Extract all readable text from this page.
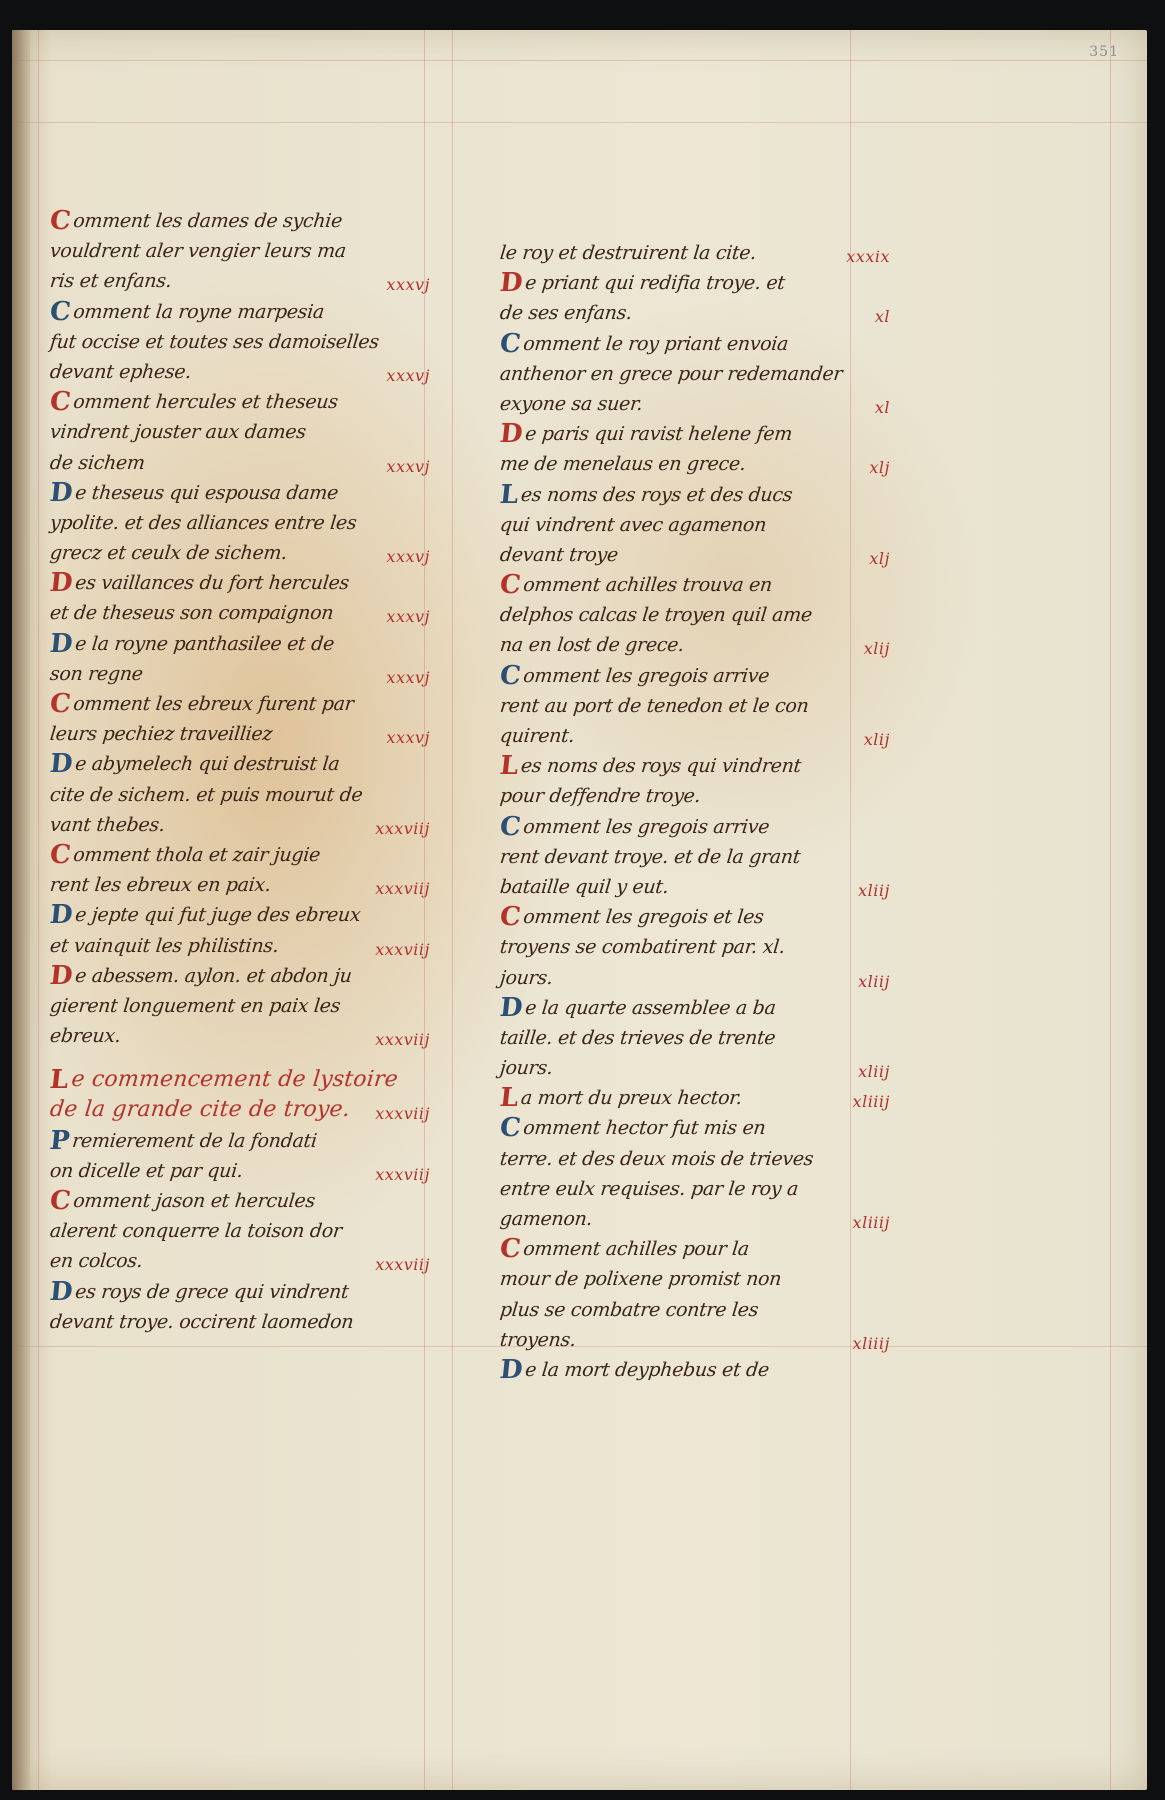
351
Comment les dames de sychie
vouldrent aler vengier leurs ma
ris et enfans.	xxxvj
Comment la royne marpesia
fut occise et toutes ses damoiselles
devant ephese.	xxxvj
Comment hercules et theseus
vindrent jouster aux dames
de sichem	xxxvj
De theseus qui espousa dame
ypolite. et des alliances entre les
grecz et ceulx de sichem.	xxxvj
Des vaillances du fort hercules
et de theseus son compaignon	xxxvj
De la royne panthasilee et de
son regne	xxxvj
Comment les ebreux furent par
leurs pechiez traveilliez	xxxvj
De abymelech qui destruist la
cite de sichem. et puis mourut de
vant thebes.	xxxviij
Comment thola et zair jugie
rent les ebreux en paix.	xxxviij
De jepte qui fut juge des ebreux
et vainquit les philistins.	xxxviij
De abessem. aylon. et abdon ju
gierent longuement en paix les
ebreux.	xxxviij
Le commencement de lystoire
de la grande cite de troye. xxxviij
Premierement de la fondati
on dicelle et par qui.	xxxviij
Comment jason et hercules
alerent conquerre la toison dor
en colcos.	xxxviij
Des roys de grece qui vindrent
devant troye. occirent laomedon
le roy et destruirent la cite.	xxxix
De priant qui redifia troye. et
de ses enfans.	xl
Comment le roy priant envoia
anthenor en grece pour redemander
exyone sa suer.	xl
De paris qui ravist helene fem
me de menelaus en grece.	xlj
Les noms des roys et des ducs
qui vindrent avec agamenon
devant troye	xlj
Comment achilles trouva en
delphos calcas le troyen quil ame
na en lost de grece.	xlij
Comment les gregois arrive
rent au port de tenedon et le con
quirent.	xlij
Les noms des roys qui vindrent
pour deffendre troye.
Comment les gregois arrive
rent devant troye. et de la grant
bataille quil y eut.	xliij
Comment les gregois et les
troyens se combatirent par. xl.
jours.	xliij
De la quarte assemblee a ba
taille. et des trieves de trente
jours.	xliij
La mort du preux hector.	xliiij
Comment hector fut mis en
terre. et des deux mois de trieves
entre eulx requises. par le roy a
gamenon.	xliiij
Comment achilles pour la
mour de polixene promist non
plus se combatre contre les
troyens.	xliiij
De la mort deyphebus et de
